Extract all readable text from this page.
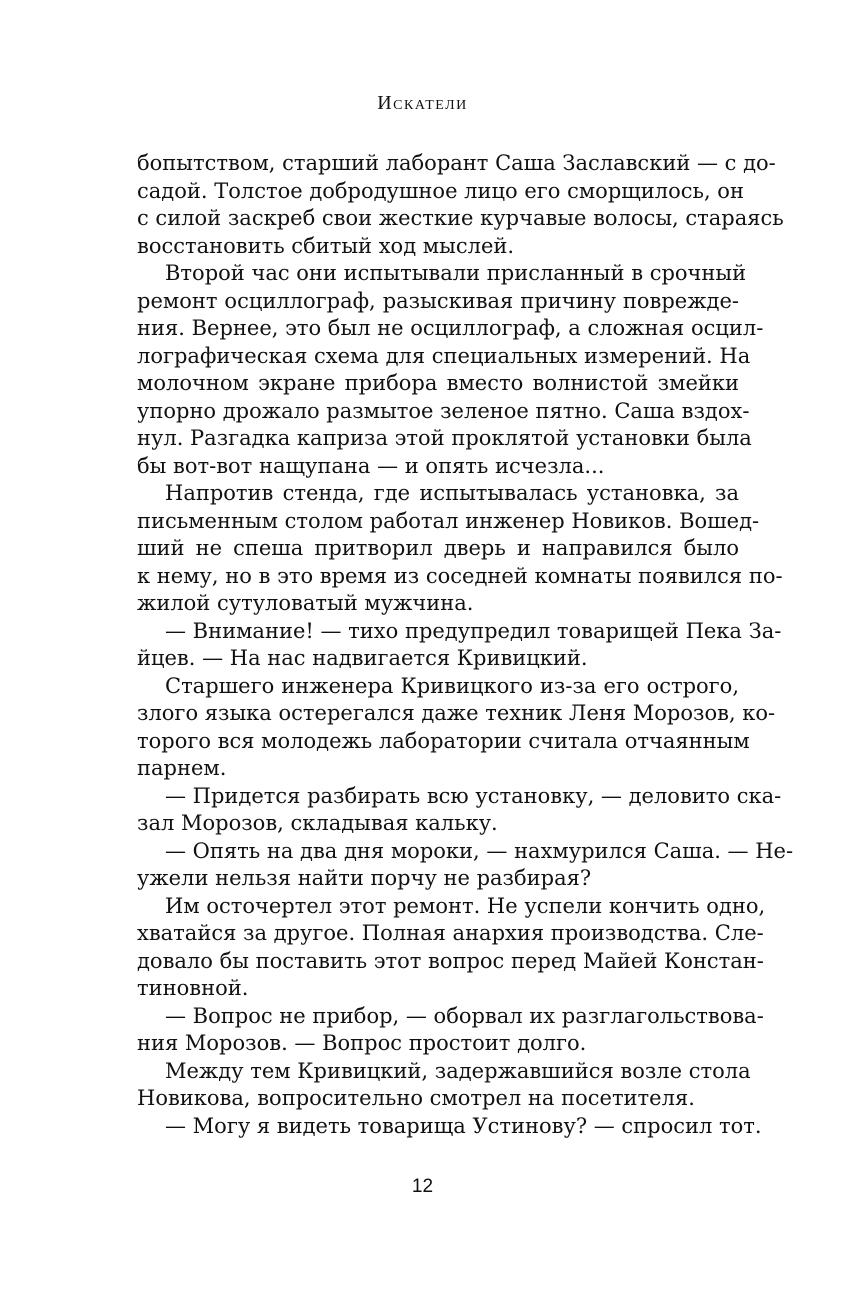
Искатели

бопытством, старший лаборант Саша Заславский — с до-
садой. Толстое добродушное лицо его сморщилось, он
с силой заскреб свои жесткие курчавые волосы, стараясь
восстановить сбитый ход мыслей.
Второй час они испытывали присланный в срочный
ремонт осциллограф, разыскивая причину поврежде-
ния. Вернее, это был не осциллограф, а сложная осцил-
лографическая схема для специальных измерений. На
молочном экране прибора вместо волнистой змейки
упорно дрожало размытое зеленое пятно. Саша вздох-
нул. Разгадка каприза этой проклятой установки была
бы вот-вот нащупана — и опять исчезла...
Напротив стенда, где испытывалась установка, за
письменным столом работал инженер Новиков. Вошед-
ший не спеша притворил дверь и направился было
к нему, но в это время из соседней комнаты появился по-
жилой сутуловатый мужчина.
— Внимание! — тихо предупредил товарищей Пека За-
йцев. — На нас надвигается Кривицкий.
Старшего инженера Кривицкого из-за его острого,
злого языка остерегался даже техник Леня Морозов, ко-
торого вся молодежь лаборатории считала отчаянным
парнем.
— Придется разбирать всю установку, — деловито ска-
зал Морозов, складывая кальку.
— Опять на два дня мороки, — нахмурился Саша. — Не-
ужели нельзя найти порчу не разбирая?
Им осточертел этот ремонт. Не успели кончить одно,
хватайся за другое. Полная анархия производства. Сле-
довало бы поставить этот вопрос перед Майей Констан-
тиновной.
— Вопрос не прибор, — оборвал их разглагольствова-
ния Морозов. — Вопрос простоит долго.
Между тем Кривицкий, задержавшийся возле стола
Новикова, вопросительно смотрел на посетителя.
— Могу я видеть товарища Устинову? — спросил тот.

12
